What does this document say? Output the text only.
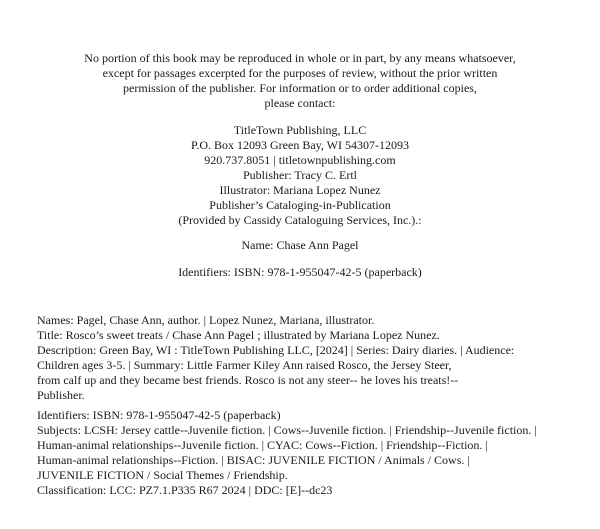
No portion of this book may be reproduced in whole or in part, by any means whatsoever,
except for passages excerpted for the purposes of review, without the prior written
permission of the publisher. For information or to order additional copies,
please contact:
TitleTown Publishing, LLC
P.O. Box 12093 Green Bay, WI 54307-12093
920.737.8051 | titletownpublishing.com
Publisher: Tracy C. Ertl
Illustrator: Mariana Lopez Nunez
Publisher’s Cataloging-in-Publication
(Provided by Cassidy Cataloguing Services, Inc.).:
Name: Chase Ann Pagel
Identifiers: ISBN: 978-1-955047-42-5 (paperback)
Names: Pagel, Chase Ann, author. | Lopez Nunez, Mariana, illustrator.
Title: Rosco’s sweet treats / Chase Ann Pagel ; illustrated by Mariana Lopez Nunez.
Description: Green Bay, WI : TitleTown Publishing LLC, [2024] | Series: Dairy diaries. | Audience:
Children ages 3-5. | Summary: Little Farmer Kiley Ann raised Rosco, the Jersey Steer,
from calf up and they became best friends. Rosco is not any steer-- he loves his treats!--
Publisher.
Identifiers: ISBN: 978-1-955047-42-5 (paperback)
Subjects: LCSH: Jersey cattle--Juvenile fiction. | Cows--Juvenile fiction. | Friendship--Juvenile fiction. |
Human-animal relationships--Juvenile fiction. | CYAC: Cows--Fiction. | Friendship--Fiction. |
Human-animal relationships--Fiction. | BISAC: JUVENILE FICTION / Animals / Cows. |
JUVENILE FICTION / Social Themes / Friendship.
Classification: LCC: PZ7.1.P335 R67 2024 | DDC: [E]--dc23
